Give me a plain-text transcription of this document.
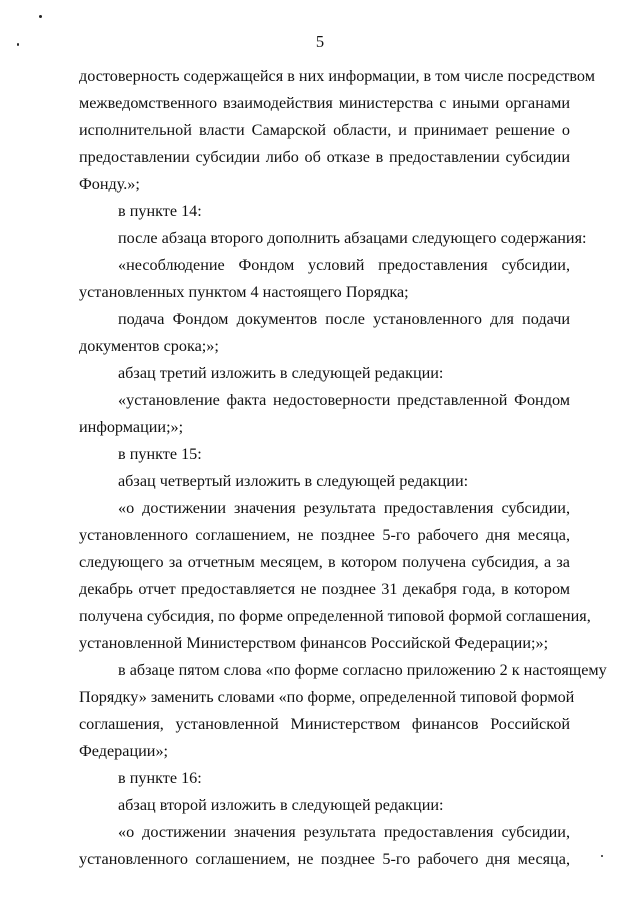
5
достоверность содержащейся в них информации, в том числе посредством
межведомственного взаимодействия министерства с иными органами
исполнительной власти Самарской области, и принимает решение о
предоставлении субсидии либо об отказе в предоставлении субсидии
Фонду.»;
в пункте 14:
после абзаца второго дополнить абзацами следующего содержания:
«несоблюдение Фондом условий предоставления субсидии,
установленных пунктом 4 настоящего Порядка;
подача Фондом документов после установленного для подачи
документов срока;»;
абзац третий изложить в следующей редакции:
«установление факта недостоверности представленной Фондом
информации;»;
в пункте 15:
абзац четвертый изложить в следующей редакции:
«о достижении значения результата предоставления субсидии,
установленного соглашением, не позднее 5-го рабочего дня месяца,
следующего за отчетным месяцем, в котором получена субсидия, а за
декабрь отчет предоставляется не позднее 31 декабря года, в котором
получена субсидия, по форме определенной типовой формой соглашения,
установленной Министерством финансов Российской Федерации;»;
в абзаце пятом слова «по форме согласно приложению 2 к настоящему
Порядку» заменить словами «по форме, определенной типовой формой
соглашения, установленной Министерством финансов Российской
Федерации»;
в пункте 16:
абзац второй изложить в следующей редакции:
«о достижении значения результата предоставления субсидии,
установленного соглашением, не позднее 5-го рабочего дня месяца,
